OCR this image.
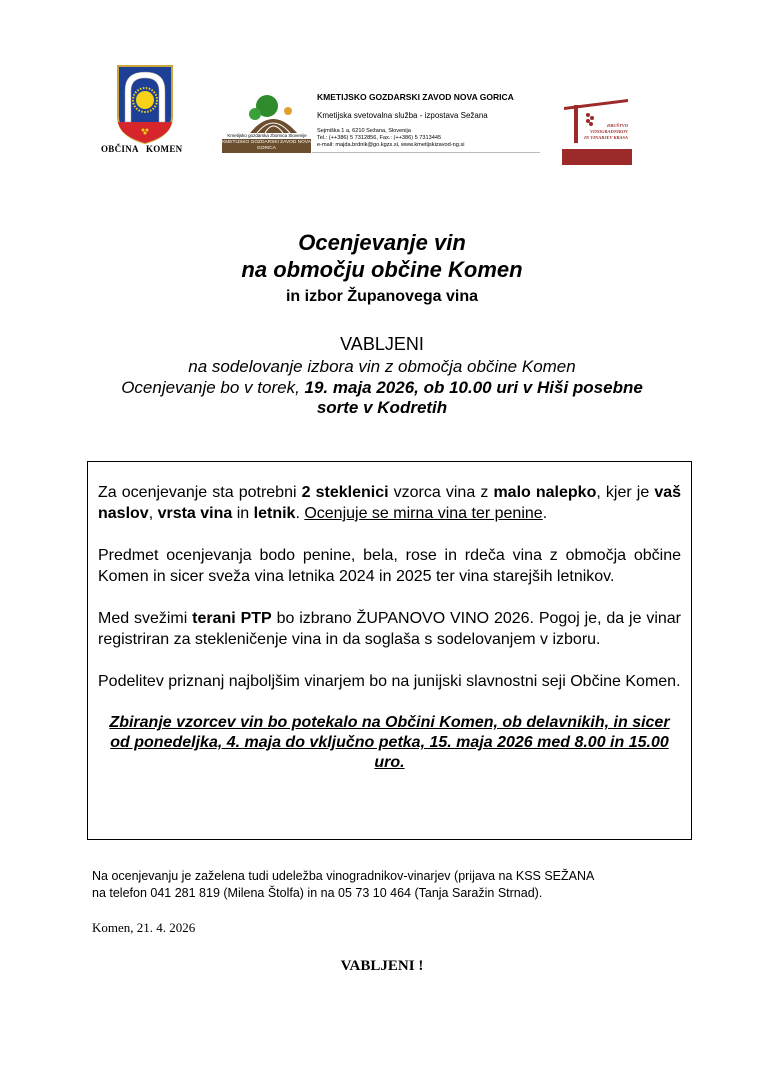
OBČINA   KOMEN
Kmetijsko gozdarska zbornica Slovenije
KMETIJSKO GOZDARSKI ZAVOD NOVA GORICA
KMETIJSKO GOZDARSKI ZAVOD NOVA GORICA
Kmetijska svetovalna služba - izpostava Sežana
Sejmiška 1 a, 6210 Sežana, Slovenija
Tel.: (++386) 5 7312856, Fax.: (++386) 5 7313445
e-mail: majda.brdnik@go.kgzs.si, www.kmetijskizavod-ng.si
DRUŠTVO
VINOGRADNIKOV
IN VINARJEV KRASA
Ocenjevanje vin
na območju občine Komen
in izbor Županovega vina
VABLJENI
na sodelovanje izbora vin z območja občine Komen
Ocenjevanje bo v torek, 19. maja 2026, ob 10.00 uri v Hiši posebne sorte v Kodretih

Za ocenjevanje sta potrebni 2 steklenici vzorca vina z malo nalepko, kjer je vaš naslov, vrsta vina in letnik. Ocenjuje se mirna vina ter penine.

Predmet ocenjevanja bodo penine, bela, rose in rdeča vina z območja občine Komen in sicer sveža vina letnika 2024 in 2025 ter vina starejših letnikov.

Med svežimi terani PTP bo izbrano ŽUPANOVO VINO 2026. Pogoj je, da je vinar registriran za stekleničenje vina in da soglaša s sodelovanjem v izboru.

Podelitev priznanj najboljšim vinarjem bo na junijski slavnostni seji Občine Komen.

Zbiranje vzorcev vin bo potekalo na Občini Komen, ob delavnikih, in sicer od ponedeljka, 4. maja do vključno petka, 15. maja 2026 med 8.00 in 15.00 uro.

Na ocenjevanju je zaželena tudi udeležba vinogradnikov-vinarjev (prijava na KSS SEŽANA
na telefon 041 281 819 (Milena Štolfa) in na 05 73 10 464 (Tanja Saražin Strnad).
Komen, 21. 4. 2026
VABLJENI !
